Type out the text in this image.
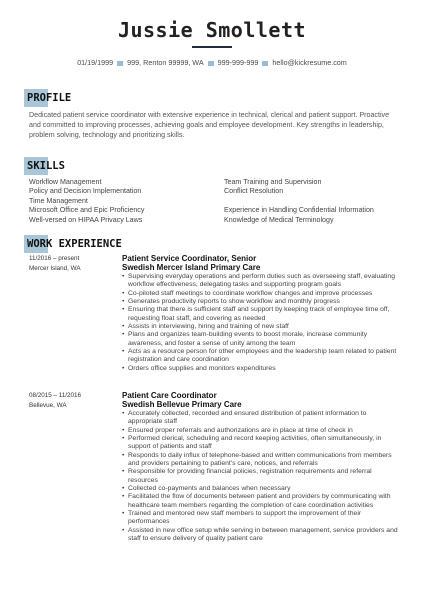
Jussie Smollett
01/19/1999 999, Renton 99999, WA 999-999-999 hello@kickresume.com
PROFILE
Dedicated patient service coordinator with extensive experience in technical, clerical and patient support. Proactive and committed to improving processes, achieving goals and employee development. Key strengths in leadership, problem solving, technology and prioritizing skills.
SKILLS
Workflow Management
Policy and Decision Implementation
Time Management
Microsoft Office and Epic Proficiency
Well-versed on HIPAA Privacy Laws
Team Training and Supervision
Conflict Resolution

Experience in Handling Confidential Information
Knowledge of Medical Terminology
WORK EXPERIENCE
11/2016 – present
Mercer Island, WA
Patient Service Coordinator, Senior
Swedish Mercer Island Primary Care
• Supervising everyday operations and perform duties such as overseeing staff, evaluating workflow effectiveness, delegating tasks and supporting program goals
• Co-piloted staff meetings to coordinate workflow changes and improve processes
• Generates productivity reports to show workflow and monthly progress
• Ensuring that there is sufficient staff and support by keeping track of employee time off, requesting float staff, and covering as needed
• Assists in interviewing, hiring and training of new staff
• Plans and organizes team-building events to boost morale, increase community awareness, and foster a sense of unity among the team
• Acts as a resource person for other employees and the leadership team related to patient registration and care coordination
• Orders office supplies and monitors expenditures
08/2015 – 11/2016
Bellevue, WA
Patient Care Coordinator
Swedish Bellevue Primary Care
• Accurately collected, recorded and ensured distribution of patient information to appropriate staff
• Ensured proper referrals and authorizations are in place at time of check in
• Performed clerical, scheduling and record keeping activities, often simultaneously, in support of patients and staff
• Responds to daily influx of telephone-based and written communications from members and providers pertaining to patient's care, notices, and referrals
• Responsible for providing financial policies, registration requirements and referral resources
• Collected co-payments and balances when necessary
• Facilitated the flow of documents between patient and providers by communicating with healthcare team members regarding the completion of care coordination activities
• Trained and mentored new staff members to support the improvement of their performances
• Assisted in new office setup while serving in between management, service providers and staff to ensure delivery of quality patient care
